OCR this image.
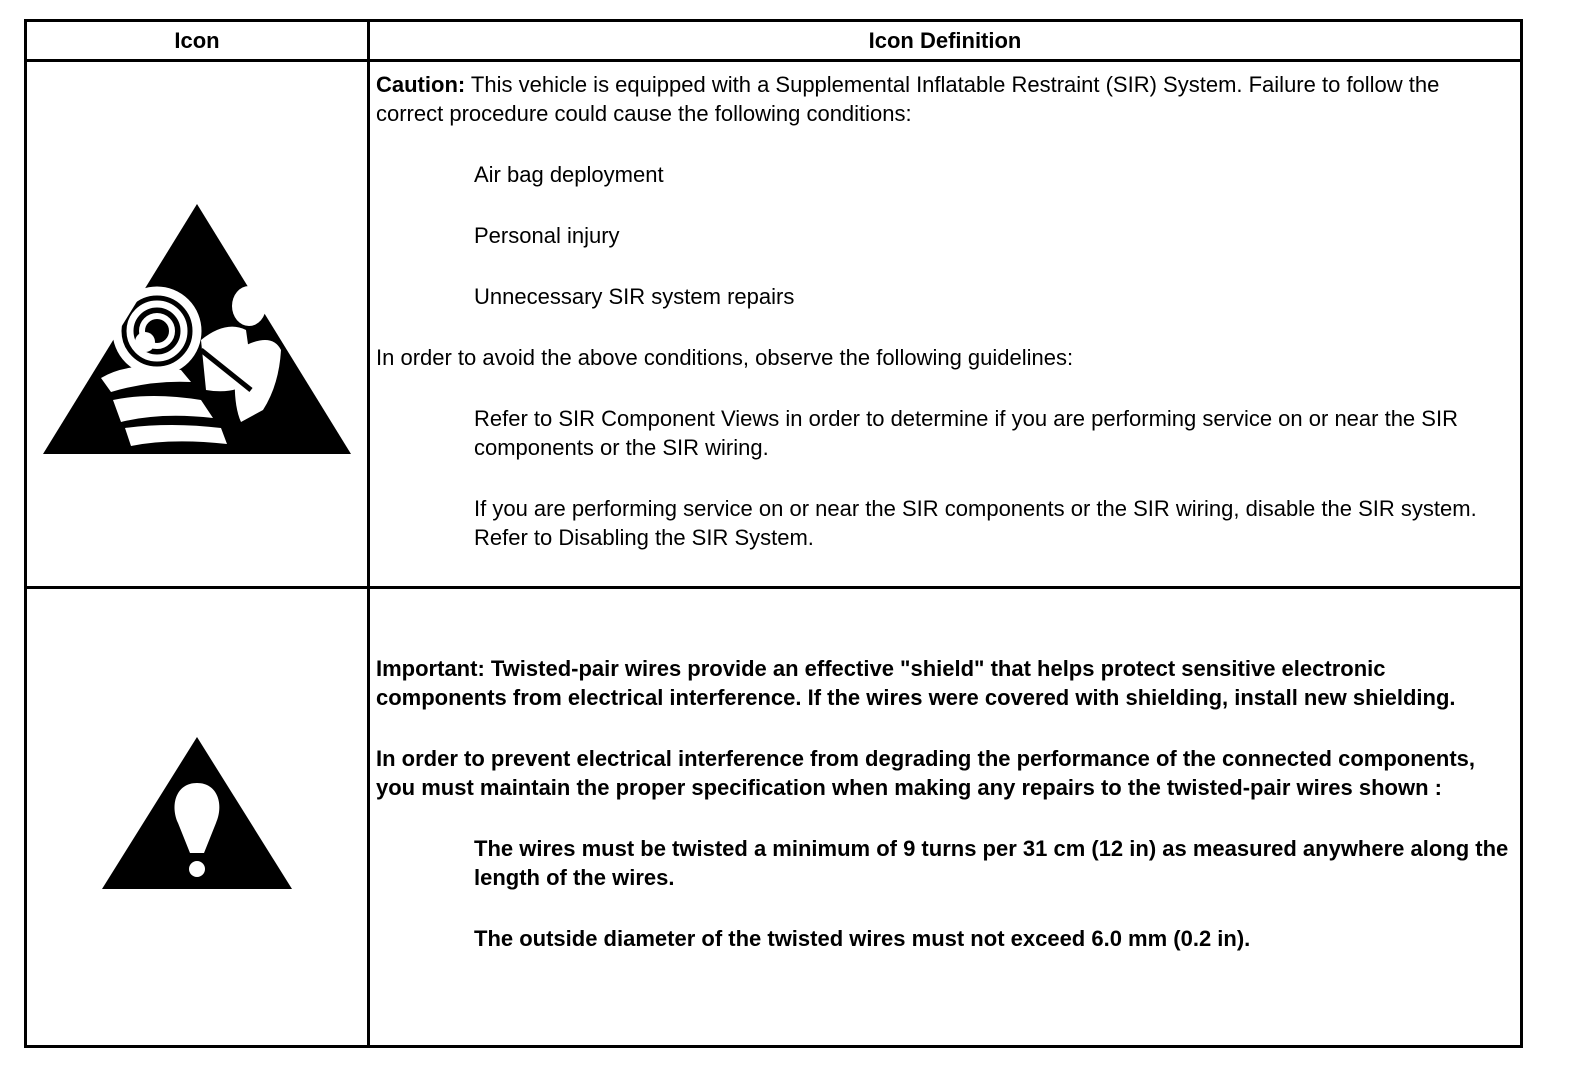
Icon	Icon Definition

Caution: This vehicle is equipped with a Supplemental Inflatable Restraint (SIR) System. Failure to follow the correct procedure could cause the following conditions:

Air bag deployment

Personal injury

Unnecessary SIR system repairs

In order to avoid the above conditions, observe the following guidelines:

Refer to SIR Component Views in order to determine if you are performing service on or near the SIR components or the SIR wiring.

If you are performing service on or near the SIR components or the SIR wiring, disable the SIR system. Refer to Disabling the SIR System.

Important: Twisted-pair wires provide an effective "shield" that helps protect sensitive electronic components from electrical interference. If the wires were covered with shielding, install new shielding.

In order to prevent electrical interference from degrading the performance of the connected components, you must maintain the proper specification when making any repairs to the twisted-pair wires shown :

The wires must be twisted a minimum of 9 turns per 31 cm (12 in) as measured anywhere along the length of the wires.

The outside diameter of the twisted wires must not exceed 6.0 mm (0.2 in).
